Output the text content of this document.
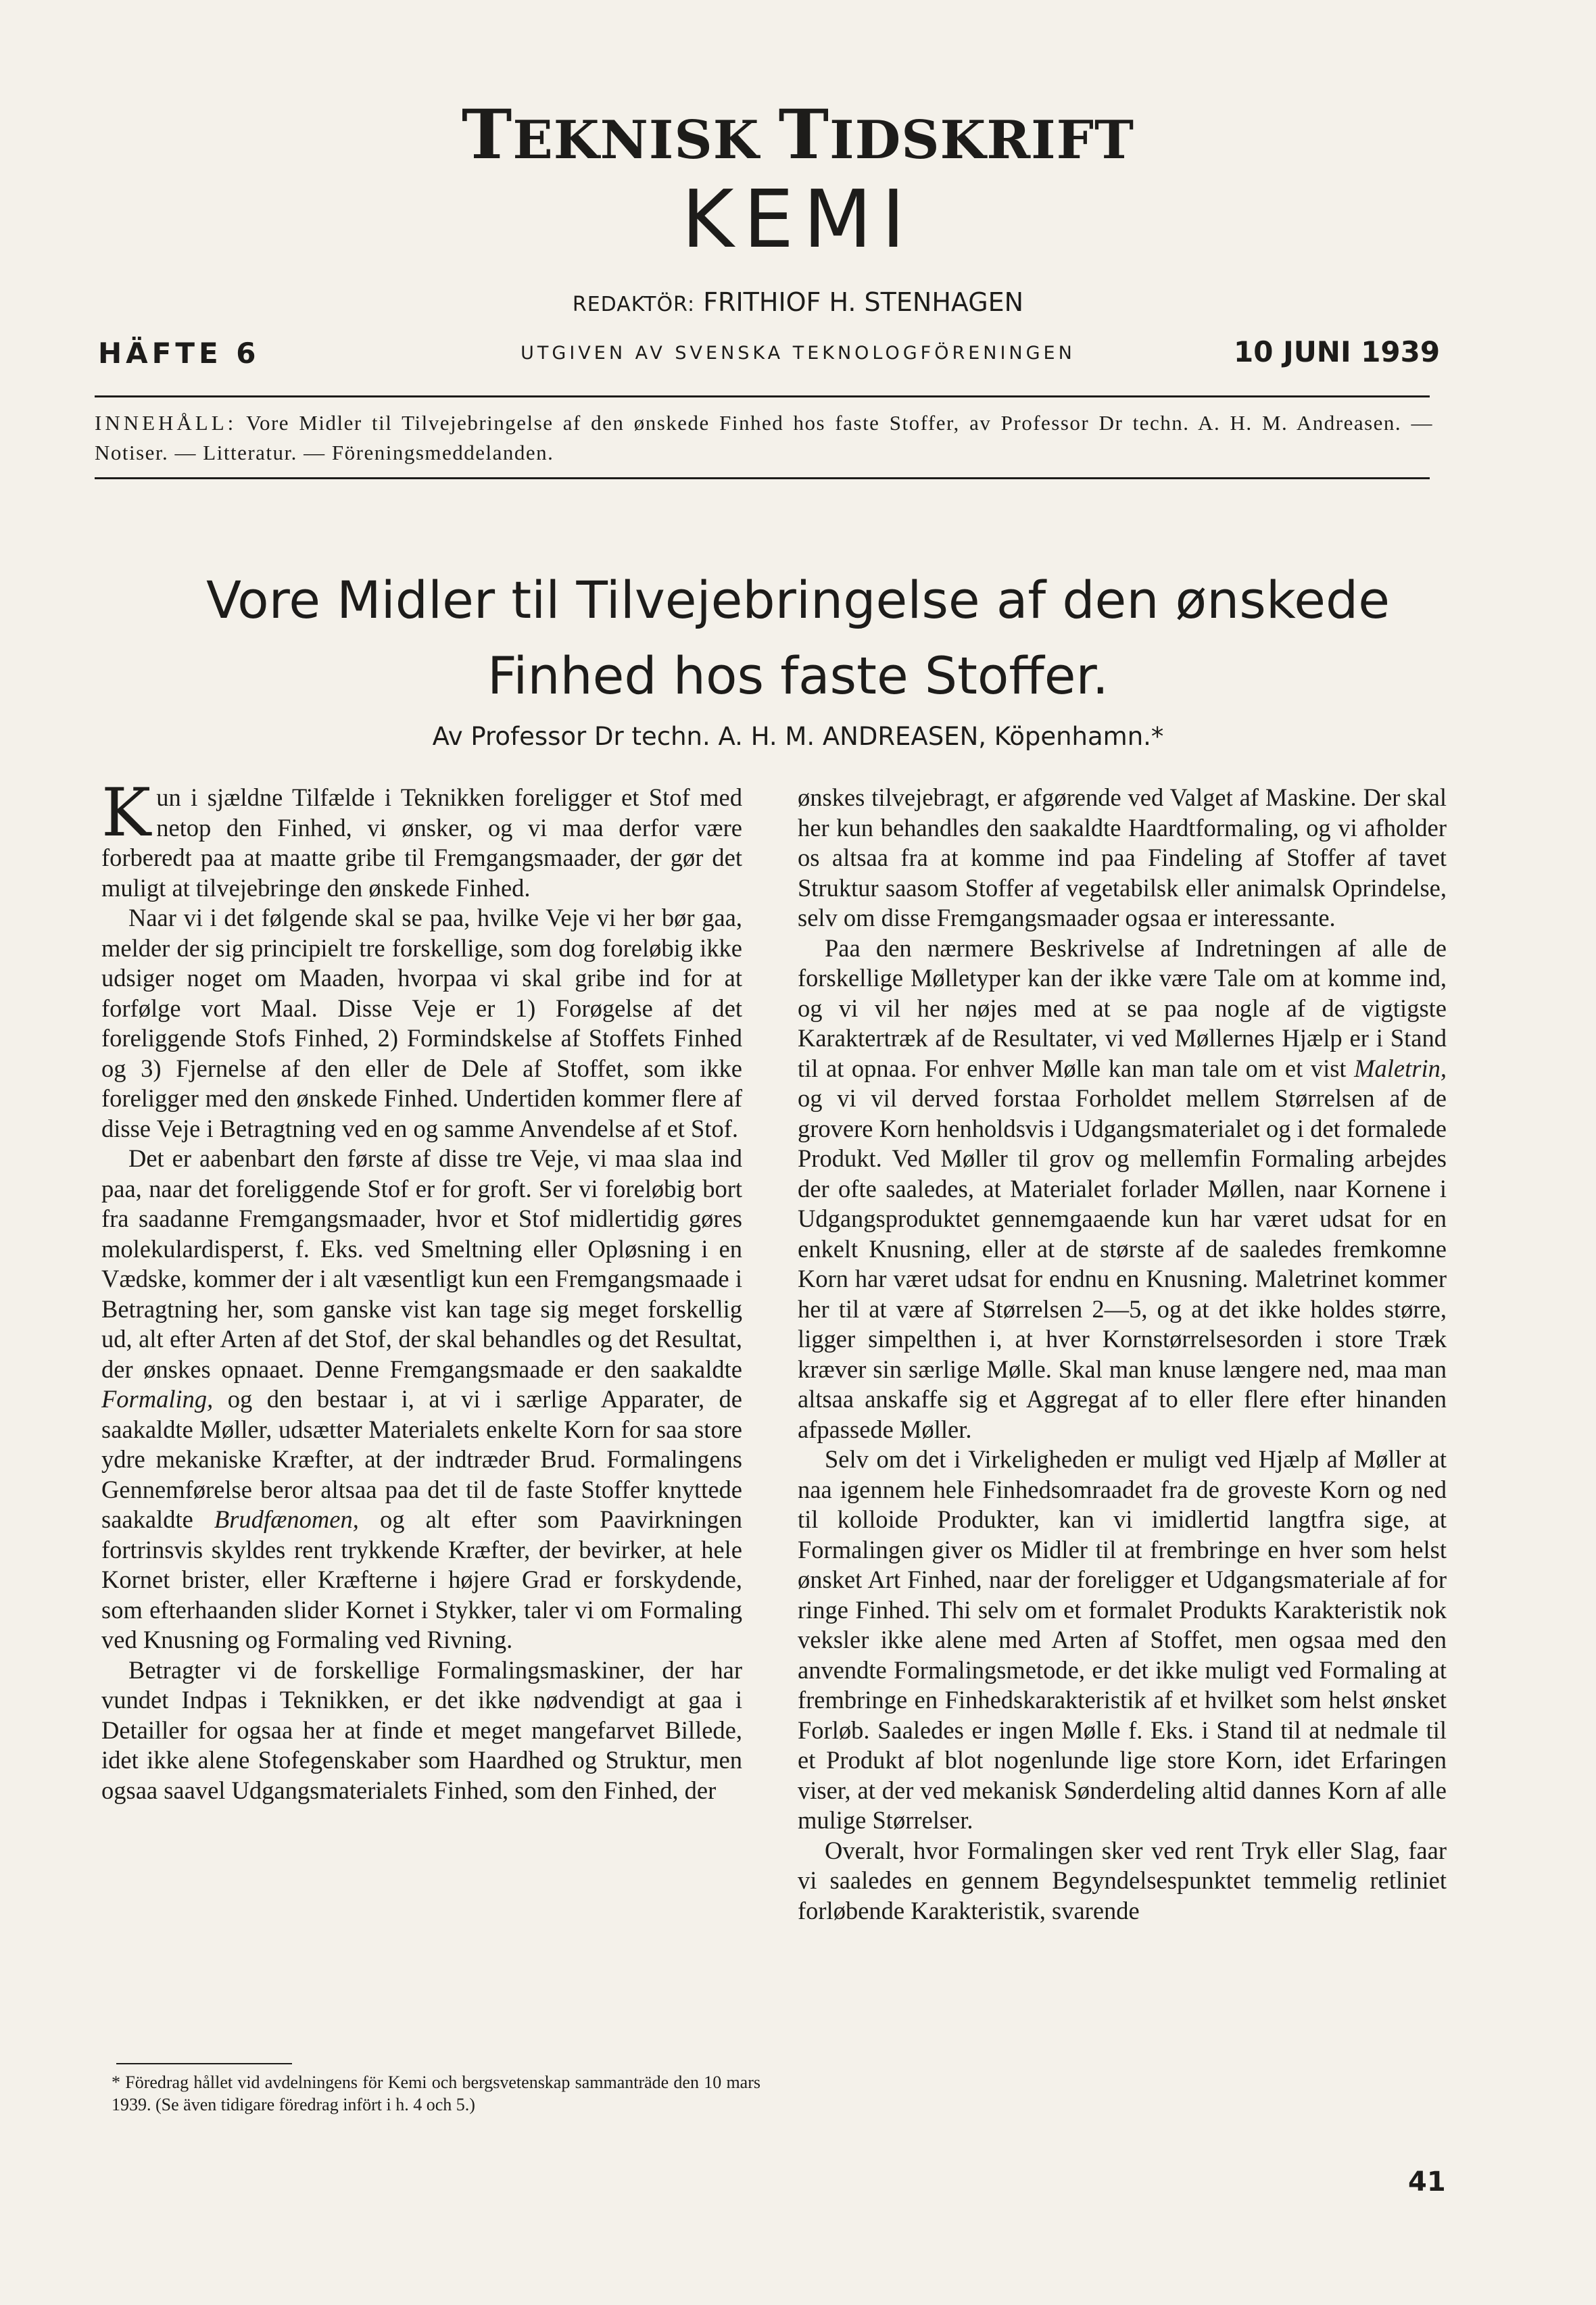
TEKNISK TIDSKRIFT
KEMI
REDAKTÖR: FRITHIOF H. STENHAGEN
HÄFTE 6	UTGIVEN AV SVENSKA TEKNOLOGFÖRENINGEN	10 JUNI 1939
INNEHÅLL: Vore Midler til Tilvejebringelse af den ønskede Finhed hos faste Stoffer, av Professor Dr techn. A. H. M. Andreasen. — Notiser. — Litteratur. — Föreningsmeddelanden.
Vore Midler til Tilvejebringelse af den ønskede
Finhed hos faste Stoffer.
Av Professor Dr techn. A. H. M. ANDREASEN, Köpenhamn.*

Kun i sjældne Tilfælde i Teknikken foreligger et Stof med netop den Finhed, vi ønsker, og vi maa derfor være forberedt paa at maatte gribe til Fremgangsmaader, der gør det muligt at tilvejebringe den ønskede Finhed.

Naar vi i det følgende skal se paa, hvilke Veje vi her bør gaa, melder der sig principielt tre forskellige, som dog foreløbig ikke udsiger noget om Maaden, hvorpaa vi skal gribe ind for at forfølge vort Maal. Disse Veje er 1) Forøgelse af det foreliggende Stofs Finhed, 2) Formindskelse af Stoffets Finhed og 3) Fjernelse af den eller de Dele af Stoffet, som ikke foreligger med den ønskede Finhed. Undertiden kommer flere af disse Veje i Betragtning ved en og samme Anvendelse af et Stof.

Det er aabenbart den første af disse tre Veje, vi maa slaa ind paa, naar det foreliggende Stof er for groft. Ser vi foreløbig bort fra saadanne Fremgangsmaader, hvor et Stof midlertidig gøres molekulardisperst, f. Eks. ved Smeltning eller Opløsning i en Vædske, kommer der i alt væsentligt kun een Fremgangsmaade i Betragtning her, som ganske vist kan tage sig meget forskellig ud, alt efter Arten af det Stof, der skal behandles og det Resultat, der ønskes opnaaet. Denne Fremgangsmaade er den saakaldte Formaling, og den bestaar i, at vi i særlige Apparater, de saakaldte Møller, udsætter Materialets enkelte Korn for saa store ydre mekaniske Kræfter, at der indtræder Brud. Formalingens Gennemførelse beror altsaa paa det til de faste Stoffer knyttede saakaldte Brudfænomen, og alt efter som Paavirkningen fortrinsvis skyldes rent trykkende Kræfter, der bevirker, at hele Kornet brister, eller Kræfterne i højere Grad er forskydende, som efterhaanden slider Kornet i Stykker, taler vi om Formaling ved Knusning og Formaling ved Rivning.

Betragter vi de forskellige Formalingsmaskiner, der har vundet Indpas i Teknikken, er det ikke nødvendigt at gaa i Detailler for ogsaa her at finde et meget mangefarvet Billede, idet ikke alene Stofegenskaber som Haardhed og Struktur, men ogsaa saavel Udgangsmaterialets Finhed, som den Finhed, der

ønskes tilvejebragt, er afgørende ved Valget af Maskine. Der skal her kun behandles den saakaldte Haardtformaling, og vi afholder os altsaa fra at komme ind paa Findeling af Stoffer af tavet Struktur saasom Stoffer af vegetabilsk eller animalsk Oprindelse, selv om disse Fremgangsmaader ogsaa er interessante.

Paa den nærmere Beskrivelse af Indretningen af alle de forskellige Mølletyper kan der ikke være Tale om at komme ind, og vi vil her nøjes med at se paa nogle af de vigtigste Karaktertræk af de Resultater, vi ved Møllernes Hjælp er i Stand til at opnaa. For enhver Mølle kan man tale om et vist Maletrin, og vi vil derved forstaa Forholdet mellem Størrelsen af de grovere Korn henholdsvis i Udgangsmaterialet og i det formalede Produkt. Ved Møller til grov og mellemfin Formaling arbejdes der ofte saaledes, at Materialet forlader Møllen, naar Kornene i Udgangsproduktet gennemgaaende kun har været udsat for en enkelt Knusning, eller at de største af de saaledes fremkomne Korn har været udsat for endnu en Knusning. Maletrinet kommer her til at være af Størrelsen 2—5, og at det ikke holdes større, ligger simpelthen i, at hver Kornstørrelsesorden i store Træk kræver sin særlige Mølle. Skal man knuse længere ned, maa man altsaa anskaffe sig et Aggregat af to eller flere efter hinanden afpassede Møller.

Selv om det i Virkeligheden er muligt ved Hjælp af Møller at naa igennem hele Finhedsomraadet fra de groveste Korn og ned til kolloide Produkter, kan vi imidlertid langtfra sige, at Formalingen giver os Midler til at frembringe en hver som helst ønsket Art Finhed, naar der foreligger et Udgangsmateriale af for ringe Finhed. Thi selv om et formalet Produkts Karakteristik nok veksler ikke alene med Arten af Stoffet, men ogsaa med den anvendte Formalingsmetode, er det ikke muligt ved Formaling at frembringe en Finhedskarakteristik af et hvilket som helst ønsket Forløb. Saaledes er ingen Mølle f. Eks. i Stand til at nedmale til et Produkt af blot nogenlunde lige store Korn, idet Erfaringen viser, at der ved mekanisk Sønderdeling altid dannes Korn af alle mulige Størrelser.

Overalt, hvor Formalingen sker ved rent Tryk eller Slag, faar vi saaledes en gennem Begyndelsespunktet temmelig retliniet forløbende Karakteristik, svarende

* Föredrag hållet vid avdelningens för Kemi och bergsvetenskap sammanträde den 10 mars 1939. (Se även tidigare föredrag infört i h. 4 och 5.)
41
